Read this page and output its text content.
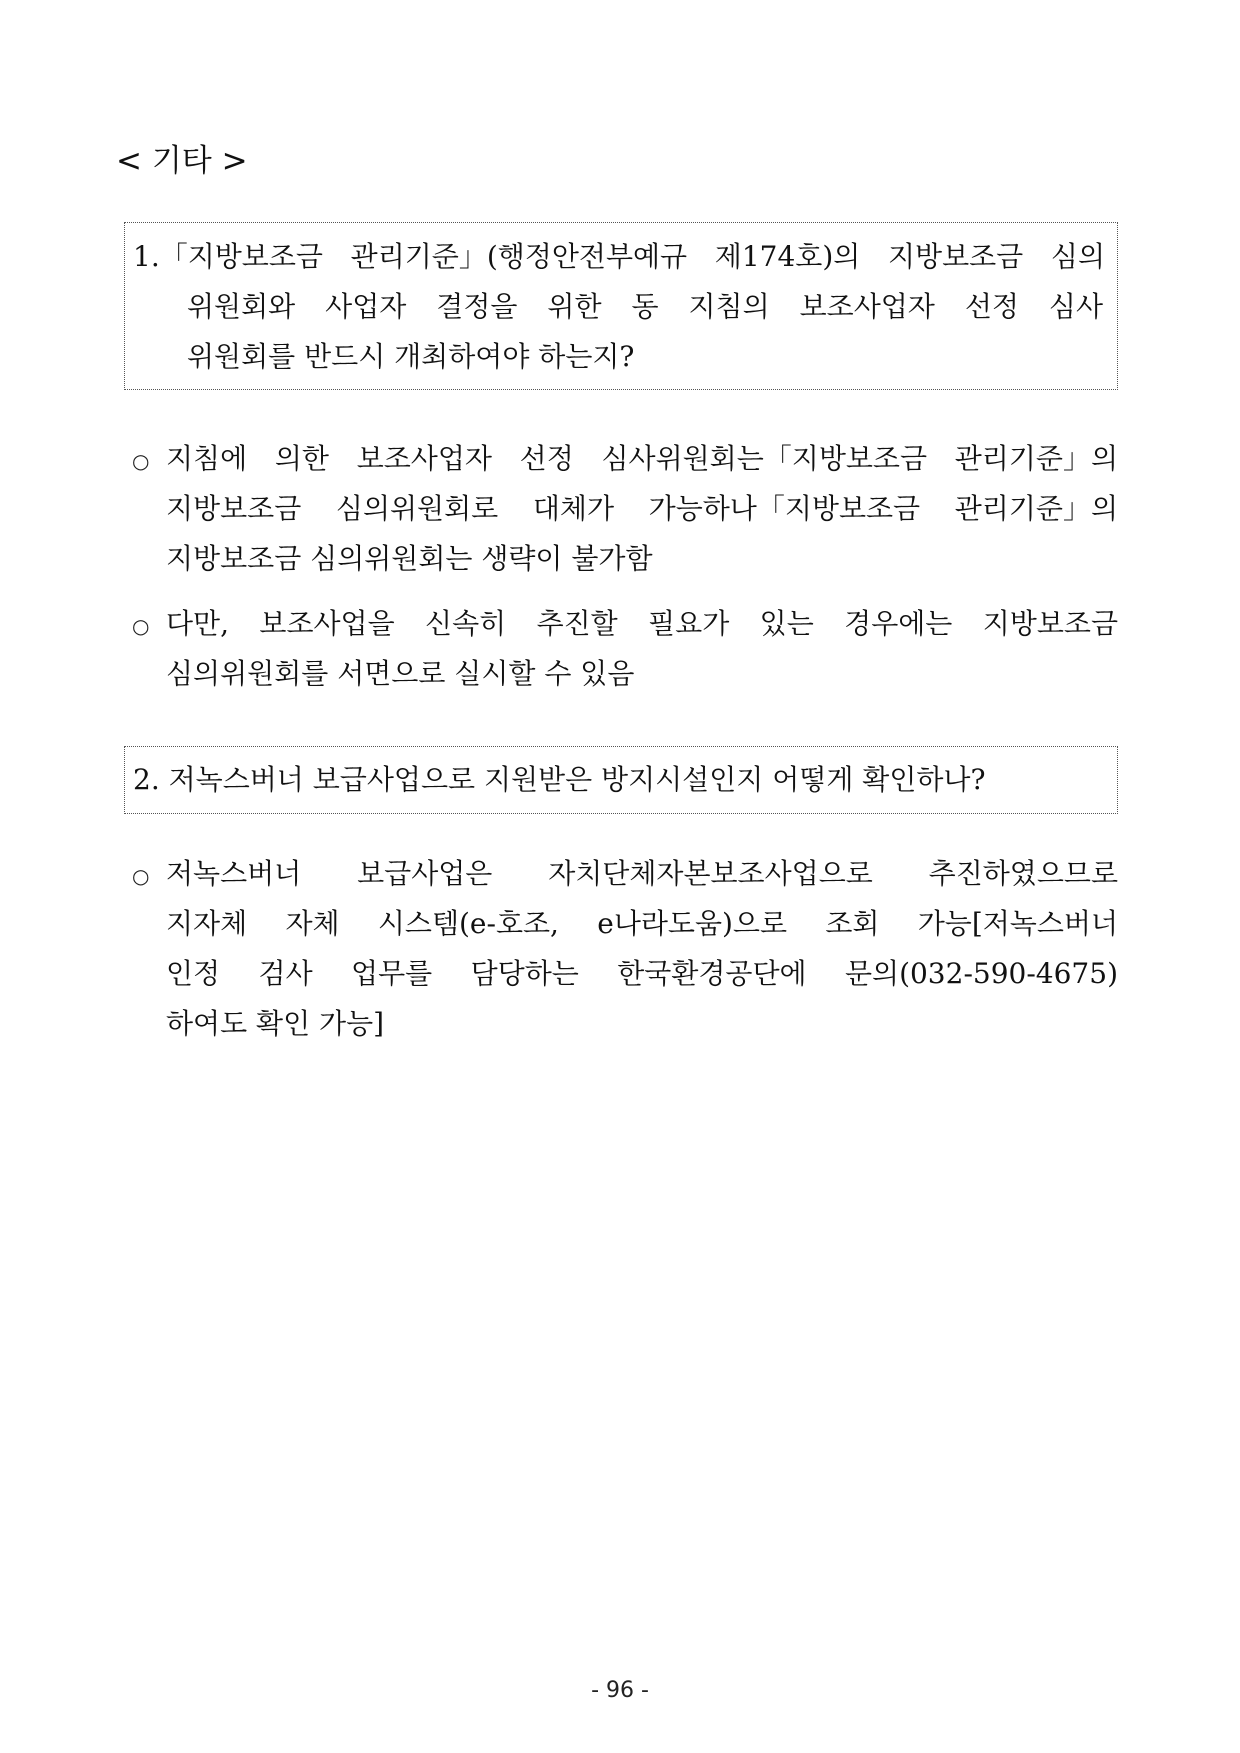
< 기타 >
1.「지방보조금 관리기준」(행정안전부예규 제174호)의 지방보조금 심의
위원회와 사업자 결정을 위한 동 지침의 보조사업자 선정 심사
위원회를 반드시 개최하여야 하는지?
○ 지침에 의한 보조사업자 선정 심사위원회는「지방보조금 관리기준」의
지방보조금 심의위원회로 대체가 가능하나「지방보조금 관리기준」의
지방보조금 심의위원회는 생략이 불가함
○ 다만, 보조사업을 신속히 추진할 필요가 있는 경우에는 지방보조금
심의위원회를 서면으로 실시할 수 있음
2. 저녹스버너 보급사업으로 지원받은 방지시설인지 어떻게 확인하나?
○ 저녹스버너 보급사업은 자치단체자본보조사업으로 추진하였으므로
지자체 자체 시스템(e-호조, e나라도움)으로 조회 가능[저녹스버너
인정 검사 업무를 담당하는 한국환경공단에 문의(032-590-4675)
하여도 확인 가능]
- 96 -
